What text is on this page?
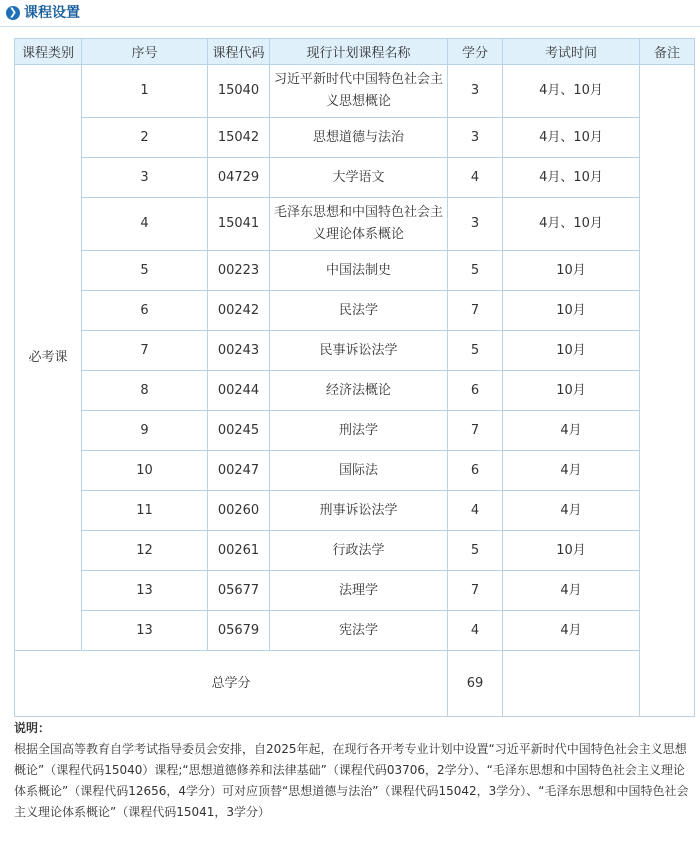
❯ 课程设置
课程类别	序号	课程代码	现行计划课程名称	学分	考试时间	备注
必考课	1	15040	习近平新时代中国特色社会主义思想概论	3	4月、10月	
	2	15042	思想道德与法治	3	4月、10月	
	3	04729	大学语文	4	4月、10月	
	4	15041	毛泽东思想和中国特色社会主义理论体系概论	3	4月、10月	
	5	00223	中国法制史	5	10月	
	6	00242	民法学	7	10月	
	7	00243	民事诉讼法学	5	10月	
	8	00244	经济法概论	6	10月	
	9	00245	刑法学	7	4月	
	10	00247	国际法	6	4月	
	11	00260	刑事诉讼法学	4	4月	
	12	00261	行政法学	5	10月	
	13	05677	法理学	7	4月	
	13	05679	宪法学	4	4月	
总学分				69		
说明：
根据全国高等教育自学考试指导委员会安排，自2025年起，在现行各开考专业计划中设置“习近平新时代中国特色社会主义思想概论”（课程代码15040）课程;“思想道德修养和法律基础”（课程代码03706，2学分）、“毛泽东思想和中国特色社会主义理论体系概论”（课程代码12656，4学分）可对应顶替“思想道德与法治”（课程代码15042，3学分）、“毛泽东思想和中国特色社会主义理论体系概论”（课程代码15041，3学分）
